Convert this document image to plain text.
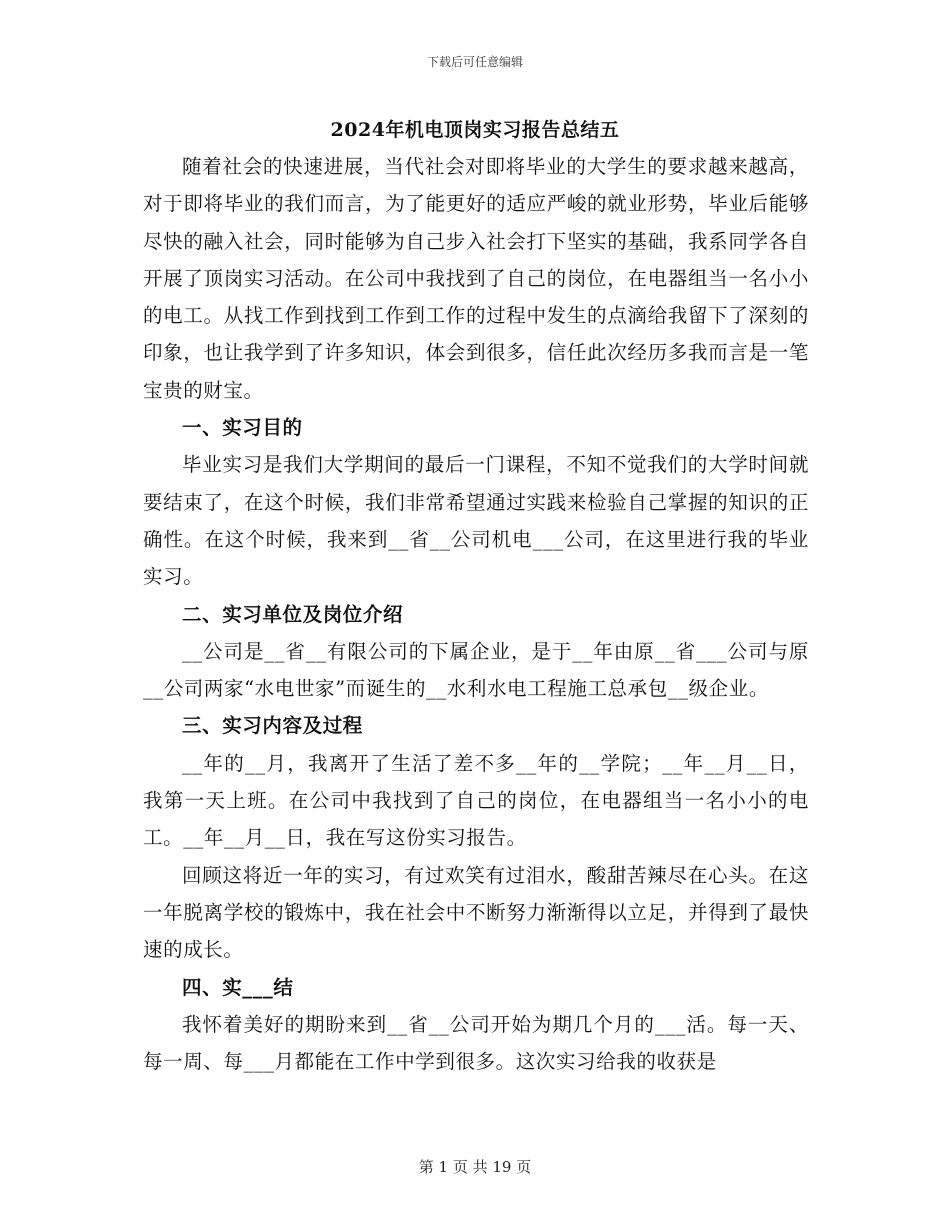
下载后可任意编辑
2024年机电顶岗实习报告总结五

随着社会的快速进展，当代社会对即将毕业的大学生的要求越来越高，对于即将毕业的我们而言，为了能更好的适应严峻的就业形势，毕业后能够尽快的融入社会，同时能够为自己步入社会打下坚实的基础，我系同学各自开展了顶岗实习活动。在公司中我找到了自己的岗位，在电器组当一名小小的电工。从找工作到找到工作到工作的过程中发生的点滴给我留下了深刻的印象，也让我学到了许多知识，体会到很多，信任此次经历多我而言是一笔宝贵的财宝。

一、实习目的

毕业实习是我们大学期间的最后一门课程，不知不觉我们的大学时间就要结束了，在这个时候，我们非常希望通过实践来检验自己掌握的知识的正确性。在这个时候，我来到__省__公司机电___公司，在这里进行我的毕业实习。

二、实习单位及岗位介绍

__公司是__省__有限公司的下属企业，是于__年由原__省___公司与原__公司两家“水电世家”而诞生的__水利水电工程施工总承包__级企业。

三、实习内容及过程

__年的__月，我离开了生活了差不多__年的__学院；__年__月__日，我第一天上班。在公司中我找到了自己的岗位，在电器组当一名小小的电工。__年__月__日，我在写这份实习报告。

回顾这将近一年的实习，有过欢笑有过泪水，酸甜苦辣尽在心头。在这一年脱离学校的锻炼中，我在社会中不断努力渐渐得以立足，并得到了最快速的成长。

四、实___结

我怀着美好的期盼来到__省__公司开始为期几个月的___活。每一天、每一周、每___月都能在工作中学到很多。这次实习给我的收获是

第 1 页 共 19 页
